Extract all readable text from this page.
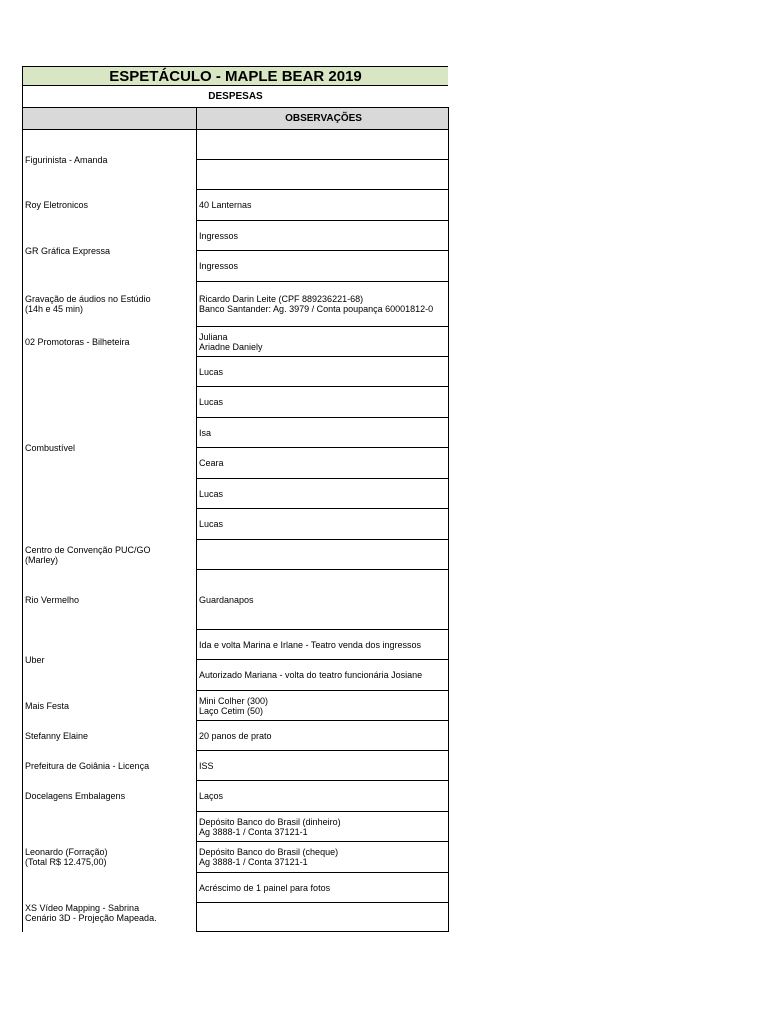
ESPETÁCULO - MAPLE BEAR 2019
DESPESAS
	OBSERVAÇÕES

Figurinista - Amanda	

Roy Eletronicos	40 Lanternas

GR Gráfica Expressa	Ingressos

	Ingressos

Gravação de áudios no Estúdio
(14h e 45 min)	Ricardo Darin Leite (CPF 889236221-68)
Banco Santander: Ag. 3979 / Conta poupança 60001812-0

02 Promotoras - Bilheteira	Juliana
Ariadne Daniely

Combustível	Lucas

	Lucas

	Isa

	Ceara

	Lucas

	Lucas

Centro de Convenção PUC/GO
(Marley)	

Rio Vermelho	Guardanapos

Uber	Ida e volta Marina e Irlane - Teatro venda dos ingressos

	Autorizado Mariana - volta do teatro funcionária Josiane

Mais Festa	Mini Colher (300)
Laço Cetim (50)

Stefanny Elaine	20 panos de prato

Prefeitura de Goiânia - Licença	ISS

Docelagens Embalagens	Laços

Leonardo (Forração)
(Total R$ 12.475,00)	Depósito Banco do Brasil (dinheiro)
Ag 3888-1 / Conta 37121-1

	Depósito Banco do Brasil (cheque)
Ag 3888-1 / Conta 37121-1

	Acréscimo de 1 painel para fotos

XS Vídeo Mapping - Sabrina
Cenário 3D - Projeção Mapeada.	
